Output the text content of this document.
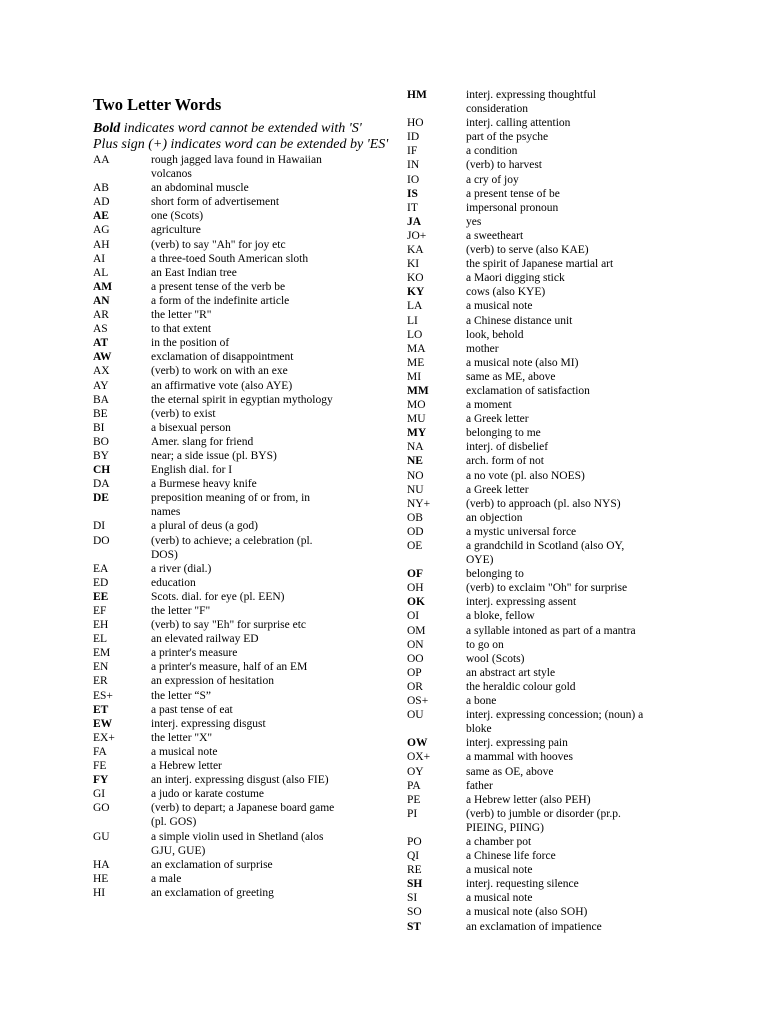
Two Letter Words

Bold indicates word cannot be extended with 'S'

Plus sign (+) indicates word can be extended by 'ES'

AA	rough jagged lava found in Hawaiian volcanos
AB	an abdominal muscle
AD	short form of advertisement
AE	one (Scots)
AG	agriculture
AH	(verb) to say "Ah" for joy etc
AI	a three-toed South American sloth
AL	an East Indian tree
AM	a present tense of the verb be
AN	a form of the indefinite article
AR	the letter "R"
AS	to that extent
AT	in the position of
AW	exclamation of disappointment
AX	(verb) to work on with an exe
AY	an affirmative vote (also AYE)
BA	the eternal spirit in egyptian mythology
BE	(verb) to exist
BI	a bisexual person
BO	Amer. slang for friend
BY	near; a side issue (pl. BYS)
CH	English dial. for I
DA	a Burmese heavy knife
DE	preposition meaning of or from, in names
DI	a plural of deus (a god)
DO	(verb) to achieve; a celebration (pl. DOS)
EA	a river (dial.)
ED	education
EE	Scots. dial. for eye (pl. EEN)
EF	the letter "F"
EH	(verb) to say "Eh" for surprise etc
EL	an elevated railway ED
EM	a printer's measure
EN	a printer's measure, half of an EM
ER	an expression of hesitation
ES+	the letter “S”
ET	a past tense of eat
EW	interj. expressing disgust
EX+	the letter "X"
FA	a musical note
FE	a Hebrew letter
FY	an interj. expressing disgust (also FIE)
GI	a judo or karate costume
GO	(verb) to depart; a Japanese board game (pl. GOS)
GU	a simple violin used in Shetland (alos GJU, GUE)
HA	an exclamation of surprise
HE	a male
HI	an exclamation of greeting
HM	interj. expressing thoughtful consideration
HO	interj. calling attention
ID	part of the psyche
IF	a condition
IN	(verb) to harvest
IO	a cry of joy
IS	a present tense of be
IT	impersonal pronoun
JA	yes
JO+	a sweetheart
KA	(verb) to serve (also KAE)
KI	the spirit of Japanese martial art
KO	a Maori digging stick
KY	cows (also KYE)
LA	a musical note
LI	a Chinese distance unit
LO	look, behold
MA	mother
ME	a musical note (also MI)
MI	same as ME, above
MM	exclamation of satisfaction
MO	a moment
MU	a Greek letter
MY	belonging to me
NA	interj. of disbelief
NE	arch. form of not
NO	a no vote (pl. also NOES)
NU	a Greek letter
NY+	(verb) to approach (pl. also NYS)
OB	an objection
OD	a mystic universal force
OE	a grandchild in Scotland (also OY, OYE)
OF	belonging to
OH	(verb) to exclaim "Oh" for surprise
OK	interj. expressing assent
OI	a bloke, fellow
OM	a syllable intoned as part of a mantra
ON	to go on
OO	wool (Scots)
OP	an abstract art style
OR	the heraldic colour gold
OS+	a bone
OU	interj. expressing concession; (noun) a bloke
OW	interj. expressing pain
OX+	a mammal with hooves
OY	same as OE, above
PA	father
PE	a Hebrew letter (also PEH)
PI	(verb) to jumble or disorder (pr.p. PIEING, PIING)
PO	a chamber pot
QI	a Chinese life force
RE	a musical note
SH	interj. requesting silence
SI	a musical note
SO	a musical note (also SOH)
ST	an exclamation of impatience
